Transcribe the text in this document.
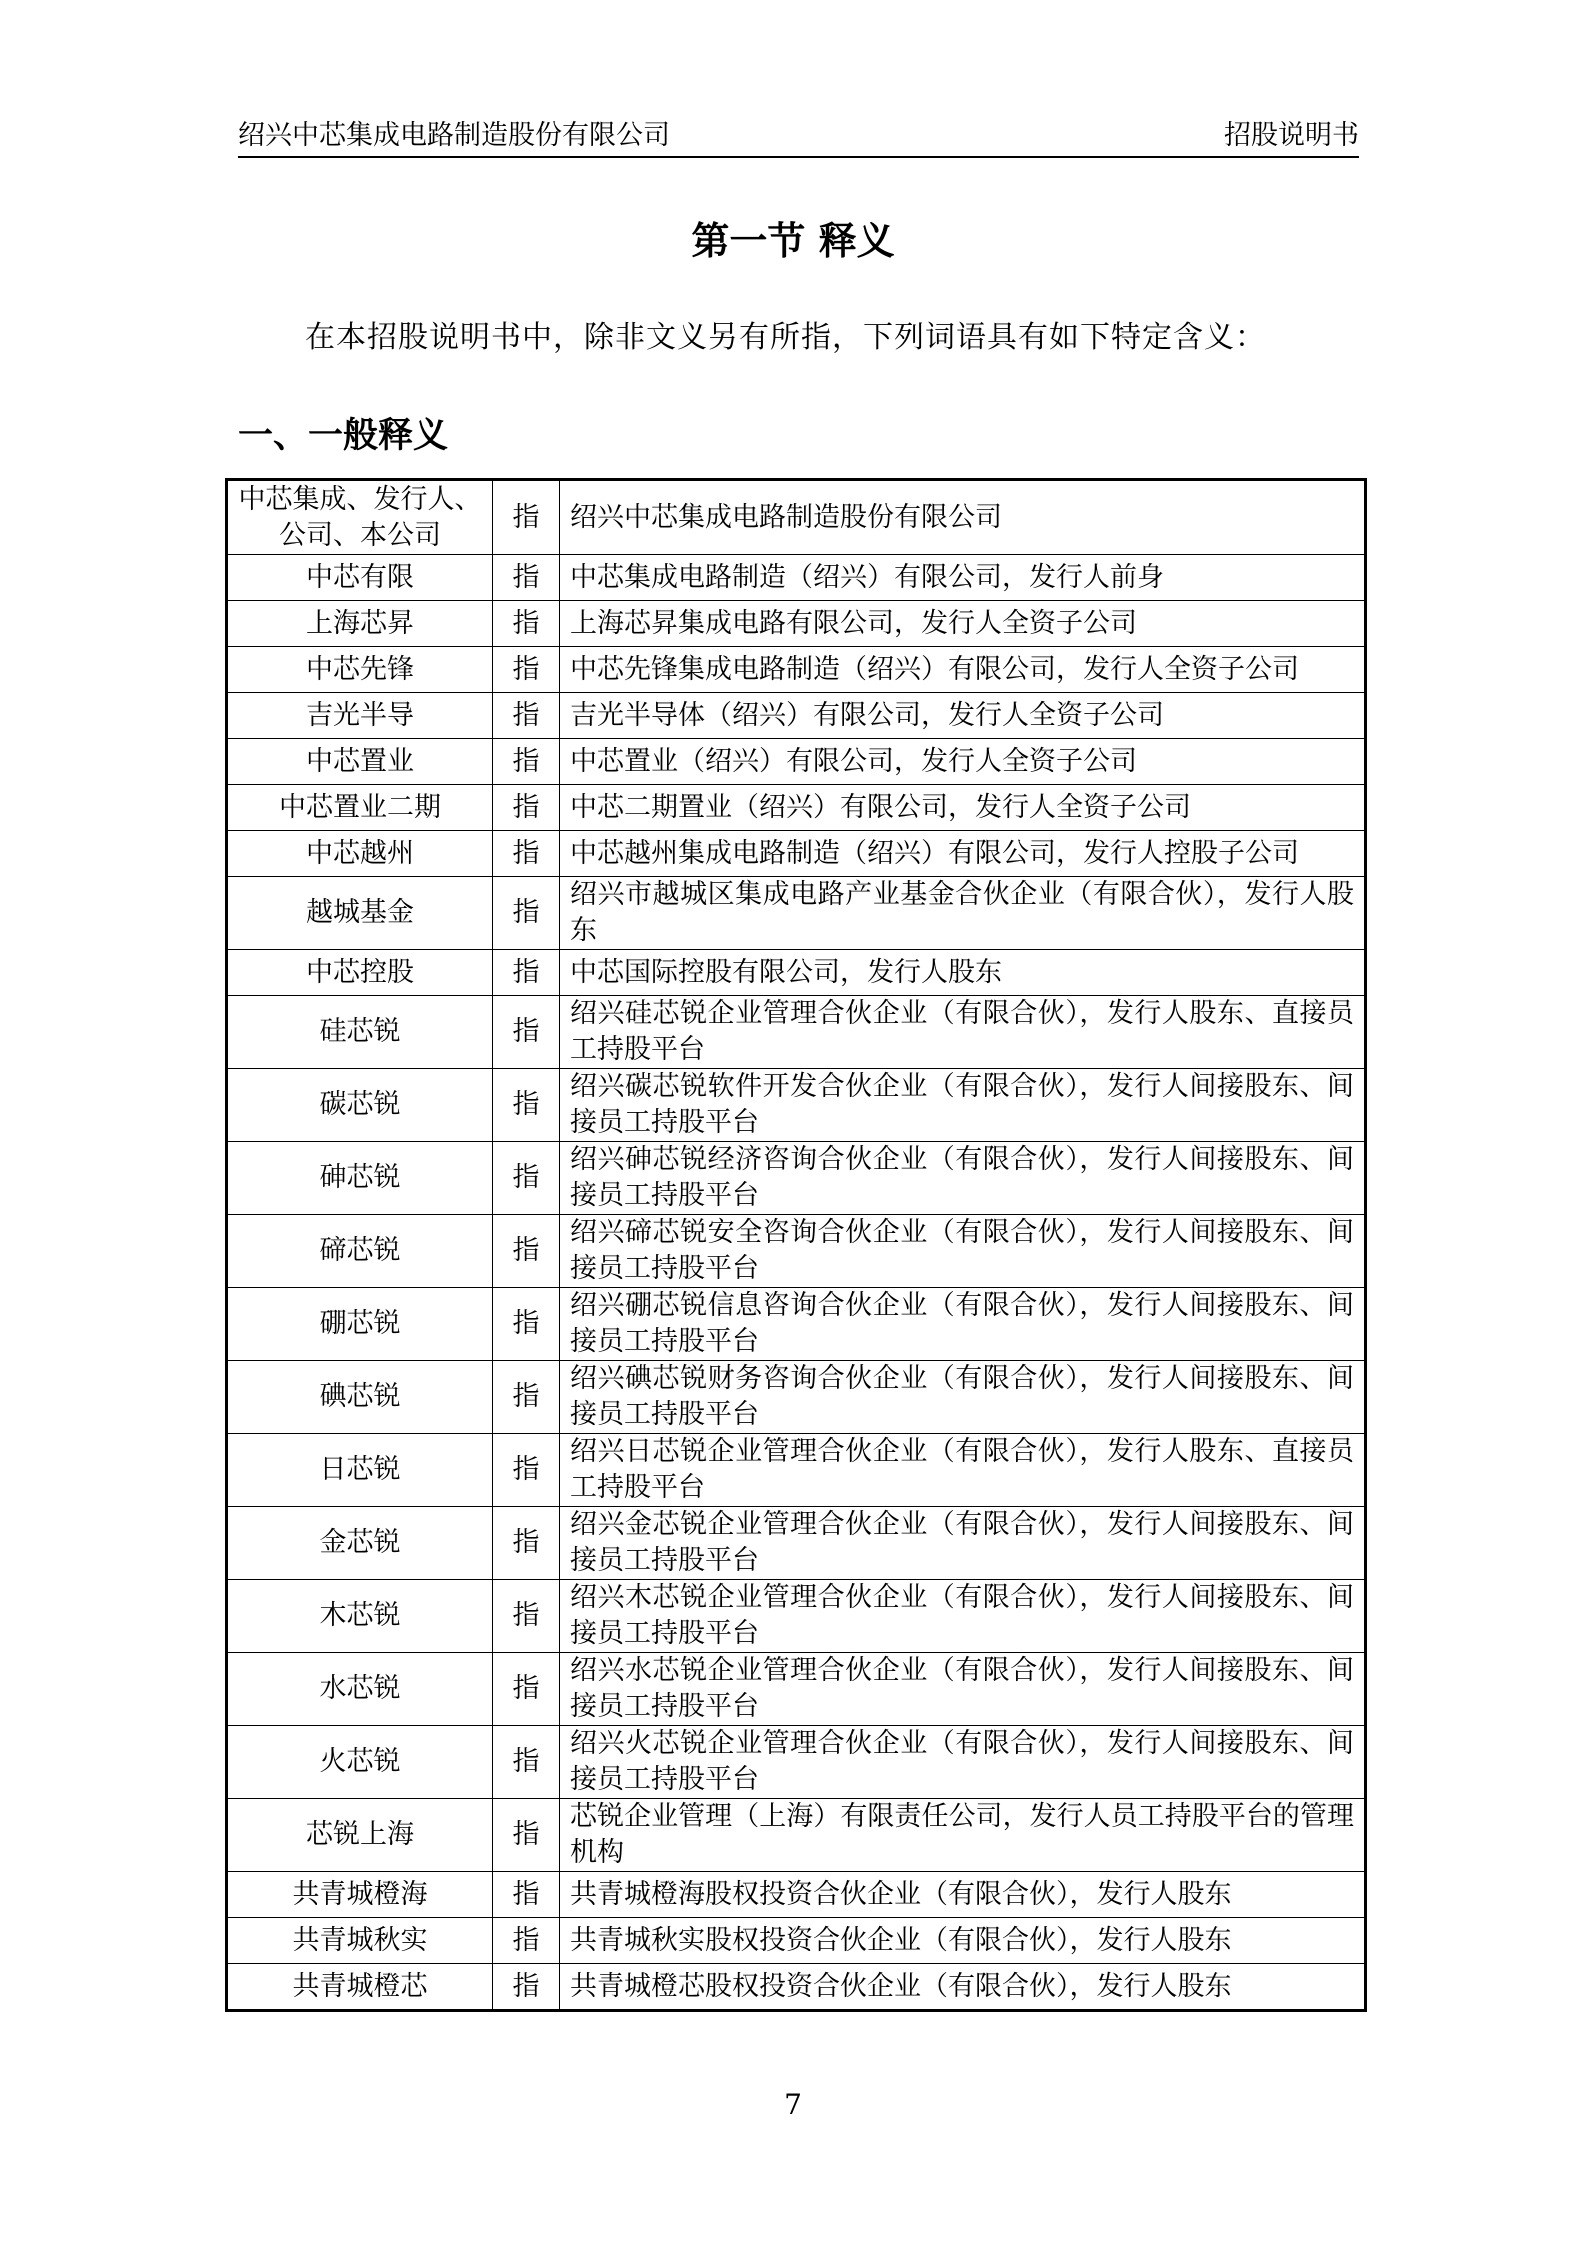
绍兴中芯集成电路制造股份有限公司	招股说明书
第一节 释义
在本招股说明书中，除非文义另有所指，下列词语具有如下特定含义：
一、一般释义
中芯集成、发行人、公司、本公司	指	绍兴中芯集成电路制造股份有限公司
中芯有限	指	中芯集成电路制造（绍兴）有限公司，发行人前身
上海芯昇	指	上海芯昇集成电路有限公司，发行人全资子公司
中芯先锋	指	中芯先锋集成电路制造（绍兴）有限公司，发行人全资子公司
吉光半导	指	吉光半导体（绍兴）有限公司，发行人全资子公司
中芯置业	指	中芯置业（绍兴）有限公司，发行人全资子公司
中芯置业二期	指	中芯二期置业（绍兴）有限公司，发行人全资子公司
中芯越州	指	中芯越州集成电路制造（绍兴）有限公司，发行人控股子公司
越城基金	指	绍兴市越城区集成电路产业基金合伙企业（有限合伙），发行人股东
中芯控股	指	中芯国际控股有限公司，发行人股东
硅芯锐	指	绍兴硅芯锐企业管理合伙企业（有限合伙），发行人股东、直接员工持股平台
碳芯锐	指	绍兴碳芯锐软件开发合伙企业（有限合伙），发行人间接股东、间接员工持股平台
砷芯锐	指	绍兴砷芯锐经济咨询合伙企业（有限合伙），发行人间接股东、间接员工持股平台
碲芯锐	指	绍兴碲芯锐安全咨询合伙企业（有限合伙），发行人间接股东、间接员工持股平台
硼芯锐	指	绍兴硼芯锐信息咨询合伙企业（有限合伙），发行人间接股东、间接员工持股平台
碘芯锐	指	绍兴碘芯锐财务咨询合伙企业（有限合伙），发行人间接股东、间接员工持股平台
日芯锐	指	绍兴日芯锐企业管理合伙企业（有限合伙），发行人股东、直接员工持股平台
金芯锐	指	绍兴金芯锐企业管理合伙企业（有限合伙），发行人间接股东、间接员工持股平台
木芯锐	指	绍兴木芯锐企业管理合伙企业（有限合伙），发行人间接股东、间接员工持股平台
水芯锐	指	绍兴水芯锐企业管理合伙企业（有限合伙），发行人间接股东、间接员工持股平台
火芯锐	指	绍兴火芯锐企业管理合伙企业（有限合伙），发行人间接股东、间接员工持股平台
芯锐上海	指	芯锐企业管理（上海）有限责任公司，发行人员工持股平台的管理机构
共青城橙海	指	共青城橙海股权投资合伙企业（有限合伙），发行人股东
共青城秋实	指	共青城秋实股权投资合伙企业（有限合伙），发行人股东
共青城橙芯	指	共青城橙芯股权投资合伙企业（有限合伙），发行人股东
7
